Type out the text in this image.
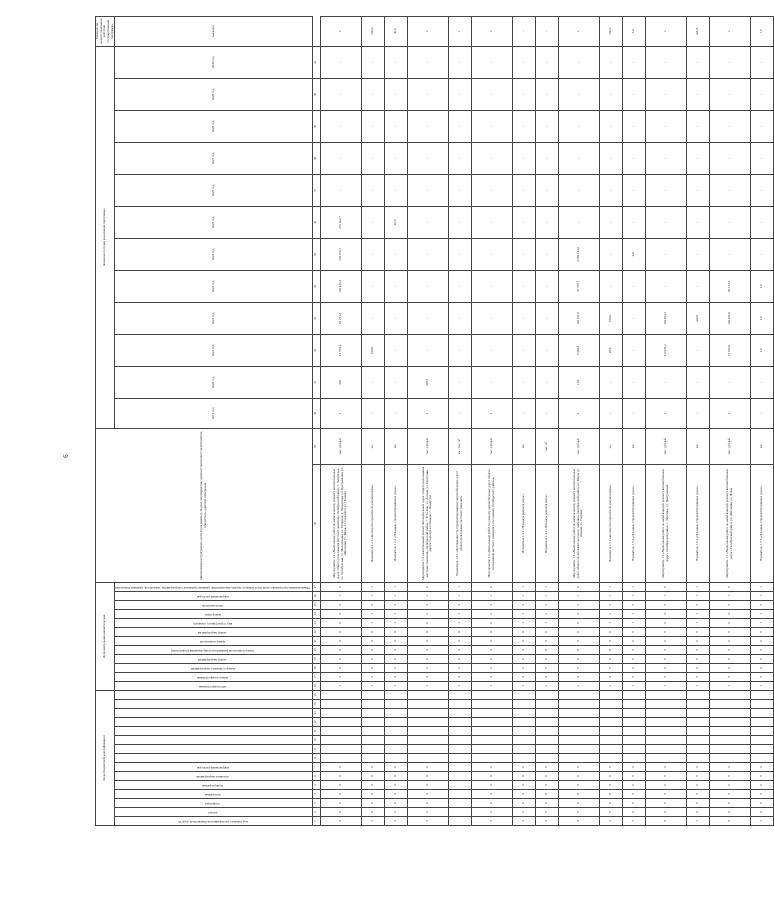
9
Коды бюджетной классификации															Дополнительная аналитическая												Наименование программы, цели (программы), задачи, мероприятия, административного мероприятия, показателя, единица измерения		Значения по годам реализации программы												Значение на момент окончания действия государственной программы
код главного распорядителя бюджетных средств	раздел	подраздел	программа	подпрограмма	основное мероприятие	направление расходов									тип подпрограммы	номер подпрограммы	номер основного мероприятия	номер мероприятия	номер показателя (индикатора) мероприятия (показателя)	номер показателя	номер мероприятия	вид структурного элемента	номер вида	тип показателя	направление расходов	Наименование программы, цели (программы), задачи, мероприятия, административного мероприятия, показателя, единица измерения			2019 год	2020 год	2021 год	2022 год	2023 год	2024 год	2025 год	2026 год	2027 год	2028 год	2029 год	2030 год	значение
1	2	3	4	5	6	7	8	9	10	11	12	13	14	15	16	17	18	19	20	21	22	23	24	25	26	27	28	29	30	31	32	33	34	35	36	37	38	39	40	41	
8	0	0	0	0	0	0									1	0	0	0	0	0	0	0	4	6	1	0	Мероприятие 1.2 «Выполнение работ по капитальному ремонту автомобильных дорог общего пользования местного значения» Октябрьский район, с. Ленинское, ул. Октябрьская, ул. Молодежная, ул. Гагарина, д. Фёдоровка, ул. Центральная, ул. Школьная, ул. Мира, ул. Садовая и ул. Полевая	тыс. рублей	x	360	13 760,1	91 251,8	102 426,3	334 356,7	251 402,7	-	-	-	-	-	x
2	0	0	0	0	0	0									1	0	0	0	0	0	0	1	1	6	1	1	Показатель 1.2.1 «Количество проектной документации»	ед.	-	-	100,0	-	-	-	-	-	-	-	-	-	100,0
3	0	0	0	0	0	0									1	0	0	0	0	0	0	1	1	6	1	1	Показатель 1.2.2 «Площадь отремонтированных дорог»	км	-	-	-	-	-	-	40,6	-	-	-	-	-	40,6
8	0	0	0	0	0	0									1	0	0	0	0	0	0	0	4	6	1	0	Мероприятие 1.3 «Капитальный ремонт автомобильных дорог общего пользования местного значения» Октябрьский район, с. Усть-Кан, ул. Лесная, ул. Береговая, дорога подъезда к площадке с. Ленинское	тыс. рублей	x	208,6	-	-	-	-	-	-	-	-	-	-	x
															1	0	0	0	0	0	0	1	1	6	1	1	Показатель 1.3.1 «Протяженность отремонтированных автомобильных дорог общего пользования местного значения»	км / тыс. м²	-	-	-	-	-	-	-	-	-	-	-	-	1
8	0	0	0	0	0	0									1	0	0	0	0	0	0	0	4	6	1	0	Мероприятие 1.4 «Выполнение работ по ремонту автомобильных дорог общего пользования местного значения в поселениях Октябрьского района»	тыс. рублей	x	-	-	-	-	-	-	-	-	-	-	-	x
2	0	0	0	0	0	0									1	0	0	0	0	0	0	1	1	6	1	1	Показатель 1.4.1 «Площадь ремонта дорог»	км	-	-	-	-	-	-	-	-	-	-	-	-	-
3	0	0	0	0	0	0									1	0	0	0	0	0	0	1	1	6	1	1	Показатель 1.4.2 «Площадь ремонта дорог»	тыс. м²	-	-	-	-	-	-	-	-	-	-	-	-	-
8	0	0	0	0	0	0									1	0	0	0	0	0	0	0	4	6	1	0	Мероприятие 1.5 «Выполнение работ по капитальному ремонту автомобильных дорог общего пользования местного значения» Октябрьский район, ул. Мира, ул. Ленина, ул. Садовая	тыс. рублей	x	12,9	5 209,8	124 197,8	45 756,7	3 689 144,0	-	-	-	-	-	-	x
2	0	0	0	0	0	0									1	0	0	0	0	0	0	1	1	6	1	1	Показатель 1.5.1 «Количество проектной документации»	ед.	-	-	29,9	100,0	-	-	-	-	-	-	-	-	100,0
3	0	0	0	0	0	0									1	0	0	0	0	0	0	1	1	6	1	1	Показатель 1.5.2 «Площадь отремонтированных дорог»	км	-	-	-	-	-	2,0	-	-	-	-	-	-	2,0
8	0	0	0	0	0	0									1	0	0	0	0	0	0	0	4	6	1	0	Мероприятие 1.6 «Выполнение работ по капитальному ремонту автомобильных дорог» Октябрьский район, с. Заречное, ул. Центральная	тыс. рублей	x	-	1 4 073,2	153 494,2	-	-	-	-	-	-	-	-	x
2	0	0	0	0	0	0									1	0	0	0	0	0	0	1	1	6	1	1	Показатель 1.6.1 «Площадь отремонтированных дорог»	км	-	-	-	4,825	-	-	-	-	-	-	-	-	4,825
8	0	0	0	0	0	0									1	0	0	0	0	0	0	0	4	6	1	0	Мероприятие 1.7 «Выполнение работ по капитальному ремонту автомобильных дорог» Октябрьский район, ул. Школьная, ул. Новая	тыс. рублей	x	-	27 910,0	120 945,0	93 143,2	-	-	-	-	-	-	-	x
2	0	0	0	0	0	0									1	0	0	0	0	0	0	1	1	6	1	1	Показатель 1.7.1 «Площадь отремонтированных дорог»	км	-	-	1,5	1,5	1,6	-	-	-	-	-	-	-	1,6
